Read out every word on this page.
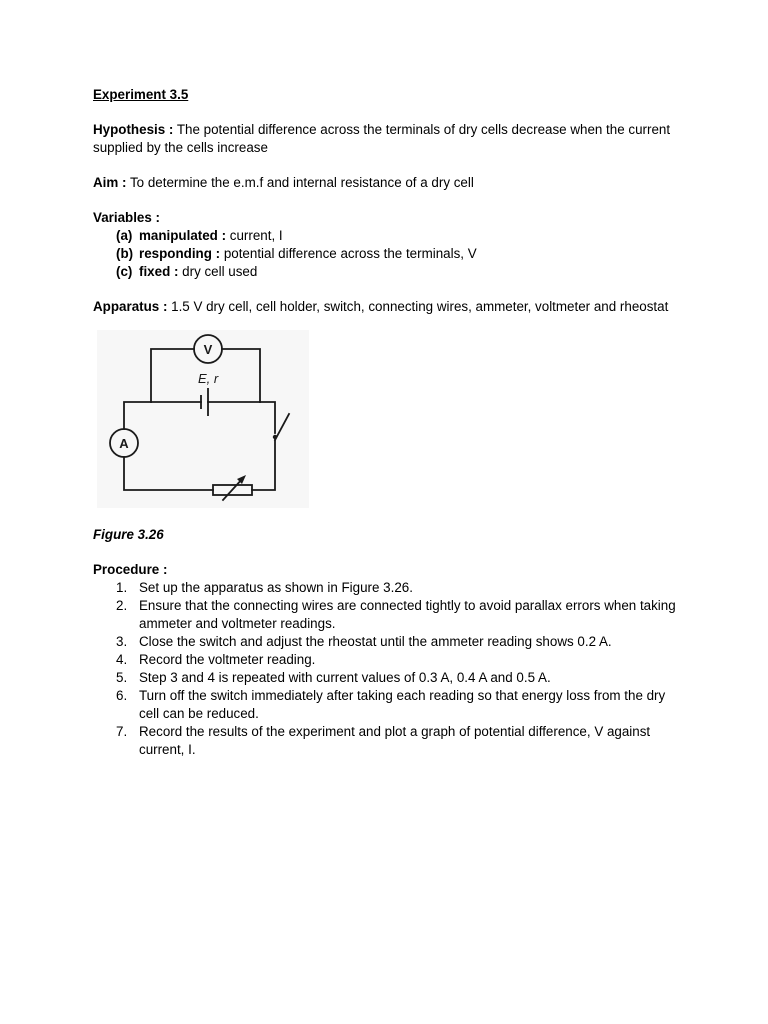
Experiment 3.5

Hypothesis : The potential difference across the terminals of dry cells decrease when the current supplied by the cells increase

Aim : To determine the e.m.f and internal resistance of a dry cell

Variables :

(a) manipulated : current, I
(b) responding : potential difference across the terminals, V
(c) fixed : dry cell used

Apparatus : 1.5 V dry cell, cell holder, switch, connecting wires, ammeter, voltmeter and rheostat

V
A
E, r

Figure 3.26

Procedure :

1. Set up the apparatus as shown in Figure 3.26.
2. Ensure that the connecting wires are connected tightly to avoid parallax errors when taking ammeter and voltmeter readings.
3. Close the switch and adjust the rheostat until the ammeter reading shows 0.2 A.
4. Record the voltmeter reading.
5. Step 3 and 4 is repeated with current values of 0.3 A, 0.4 A and 0.5 A.
6. Turn off the switch immediately after taking each reading so that energy loss from the dry cell can be reduced.
7. Record the results of the experiment and plot a graph of potential difference, V against current, I.
